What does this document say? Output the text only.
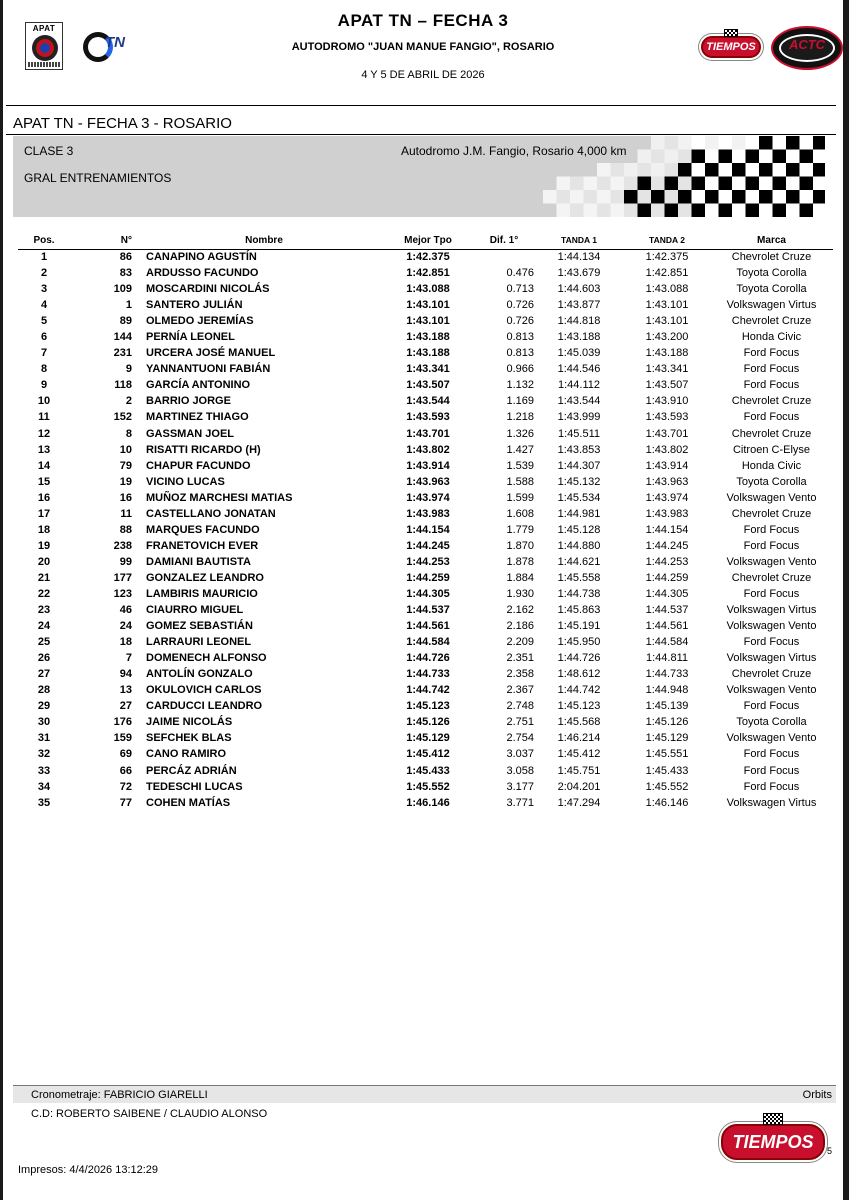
APAT
TN
APAT TN – FECHA 3
AUTODROMO "JUAN MANUE FANGIO", ROSARIO
4 Y 5 DE ABRIL DE 2026
TIEMPOS	ACTC
APAT TN - FECHA 3 - ROSARIO
CLASE 3
GRAL ENTRENAMIENTOS
Autodromo J.M. Fangio, Rosario 4,000 km
Pos.	N°	Nombre	Mejor Tpo	Dif. 1°	TANDA 1	TANDA 2	Marca
1	86	CANAPINO AGUSTÍN	1:42.375		1:44.134	1:42.375	Chevrolet Cruze
2	83	ARDUSSO FACUNDO	1:42.851	0.476	1:43.679	1:42.851	Toyota Corolla
3	109	MOSCARDINI NICOLÁS	1:43.088	0.713	1:44.603	1:43.088	Toyota Corolla
4	1	SANTERO JULIÁN	1:43.101	0.726	1:43.877	1:43.101	Volkswagen Virtus
5	89	OLMEDO JEREMÍAS	1:43.101	0.726	1:44.818	1:43.101	Chevrolet Cruze
6	144	PERNÍA LEONEL	1:43.188	0.813	1:43.188	1:43.200	Honda Civic
7	231	URCERA JOSÉ MANUEL	1:43.188	0.813	1:45.039	1:43.188	Ford Focus
8	9	YANNANTUONI FABIÁN	1:43.341	0.966	1:44.546	1:43.341	Ford Focus
9	118	GARCÍA ANTONINO	1:43.507	1.132	1:44.112	1:43.507	Ford Focus
10	2	BARRIO JORGE	1:43.544	1.169	1:43.544	1:43.910	Chevrolet Cruze
11	152	MARTINEZ THIAGO	1:43.593	1.218	1:43.999	1:43.593	Ford Focus
12	8	GASSMAN JOEL	1:43.701	1.326	1:45.511	1:43.701	Chevrolet Cruze
13	10	RISATTI RICARDO (H)	1:43.802	1.427	1:43.853	1:43.802	Citroen C-Elyse
14	79	CHAPUR FACUNDO	1:43.914	1.539	1:44.307	1:43.914	Honda Civic
15	19	VICINO LUCAS	1:43.963	1.588	1:45.132	1:43.963	Toyota Corolla
16	16	MUÑOZ MARCHESI MATIAS	1:43.974	1.599	1:45.534	1:43.974	Volkswagen Vento
17	11	CASTELLANO JONATAN	1:43.983	1.608	1:44.981	1:43.983	Chevrolet Cruze
18	88	MARQUES FACUNDO	1:44.154	1.779	1:45.128	1:44.154	Ford Focus
19	238	FRANETOVICH EVER	1:44.245	1.870	1:44.880	1:44.245	Ford Focus
20	99	DAMIANI BAUTISTA	1:44.253	1.878	1:44.621	1:44.253	Volkswagen Vento
21	177	GONZALEZ LEANDRO	1:44.259	1.884	1:45.558	1:44.259	Chevrolet Cruze
22	123	LAMBIRIS MAURICIO	1:44.305	1.930	1:44.738	1:44.305	Ford Focus
23	46	CIAURRO MIGUEL	1:44.537	2.162	1:45.863	1:44.537	Volkswagen Virtus
24	24	GOMEZ SEBASTIÁN	1:44.561	2.186	1:45.191	1:44.561	Volkswagen Vento
25	18	LARRAURI LEONEL	1:44.584	2.209	1:45.950	1:44.584	Ford Focus
26	7	DOMENECH ALFONSO	1:44.726	2.351	1:44.726	1:44.811	Volkswagen Virtus
27	94	ANTOLÍN GONZALO	1:44.733	2.358	1:48.612	1:44.733	Chevrolet Cruze
28	13	OKULOVICH CARLOS	1:44.742	2.367	1:44.742	1:44.948	Volkswagen Vento
29	27	CARDUCCI LEANDRO	1:45.123	2.748	1:45.123	1:45.139	Ford Focus
30	176	JAIME NICOLÁS	1:45.126	2.751	1:45.568	1:45.126	Toyota Corolla
31	159	SEFCHEK BLAS	1:45.129	2.754	1:46.214	1:45.129	Volkswagen Vento
32	69	CANO RAMIRO	1:45.412	3.037	1:45.412	1:45.551	Ford Focus
33	66	PERCÁZ ADRIÁN	1:45.433	3.058	1:45.751	1:45.433	Ford Focus
34	72	TEDESCHI LUCAS	1:45.552	3.177	2:04.201	1:45.552	Ford Focus
35	77	COHEN MATÍAS	1:46.146	3.771	1:47.294	1:46.146	Volkswagen Virtus
Cronometraje: FABRICIO GIARELLI	Orbits
C.D: ROBERTO SAIBENE / CLAUDIO ALONSO
Impresos: 4/4/2026 13:12:29
TIEMPOS	5
